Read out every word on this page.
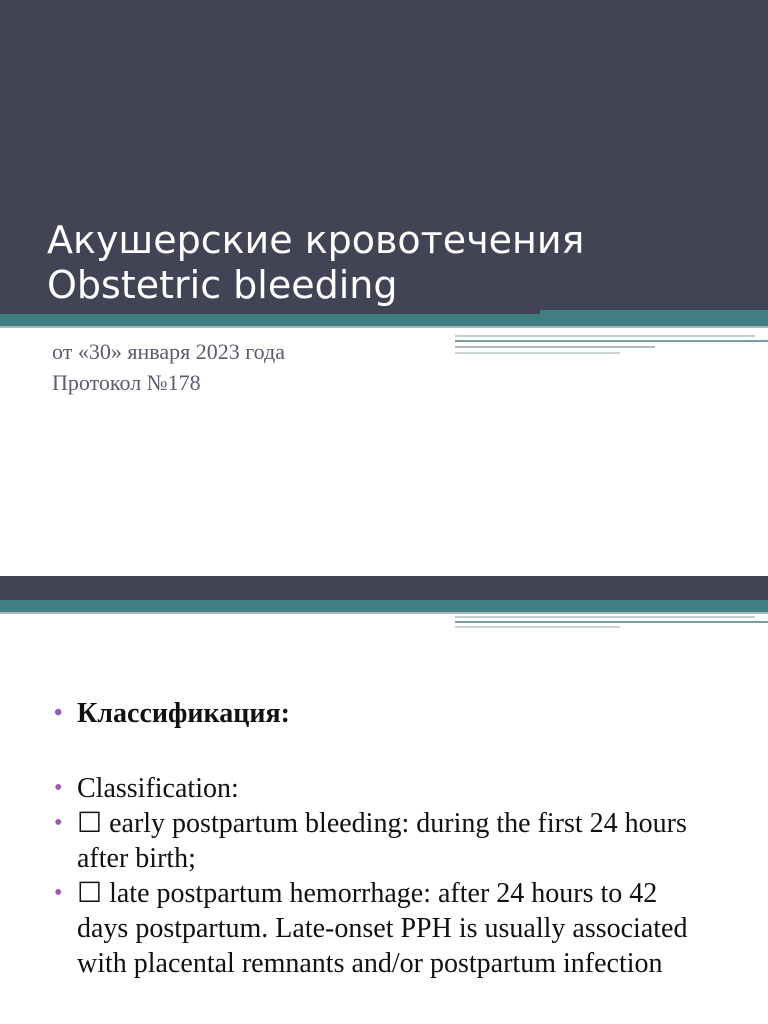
Акушерские кровотечения
Obstetric bleeding
от «30» января 2023 года
Протокол №178
• Классификация:
• Classification:
• ☐ early postpartum bleeding: during the first 24 hours after birth;
• ☐ late postpartum hemorrhage: after 24 hours to 42 days postpartum. Late-onset PPH is usually associated with placental remnants and/or postpartum infection
